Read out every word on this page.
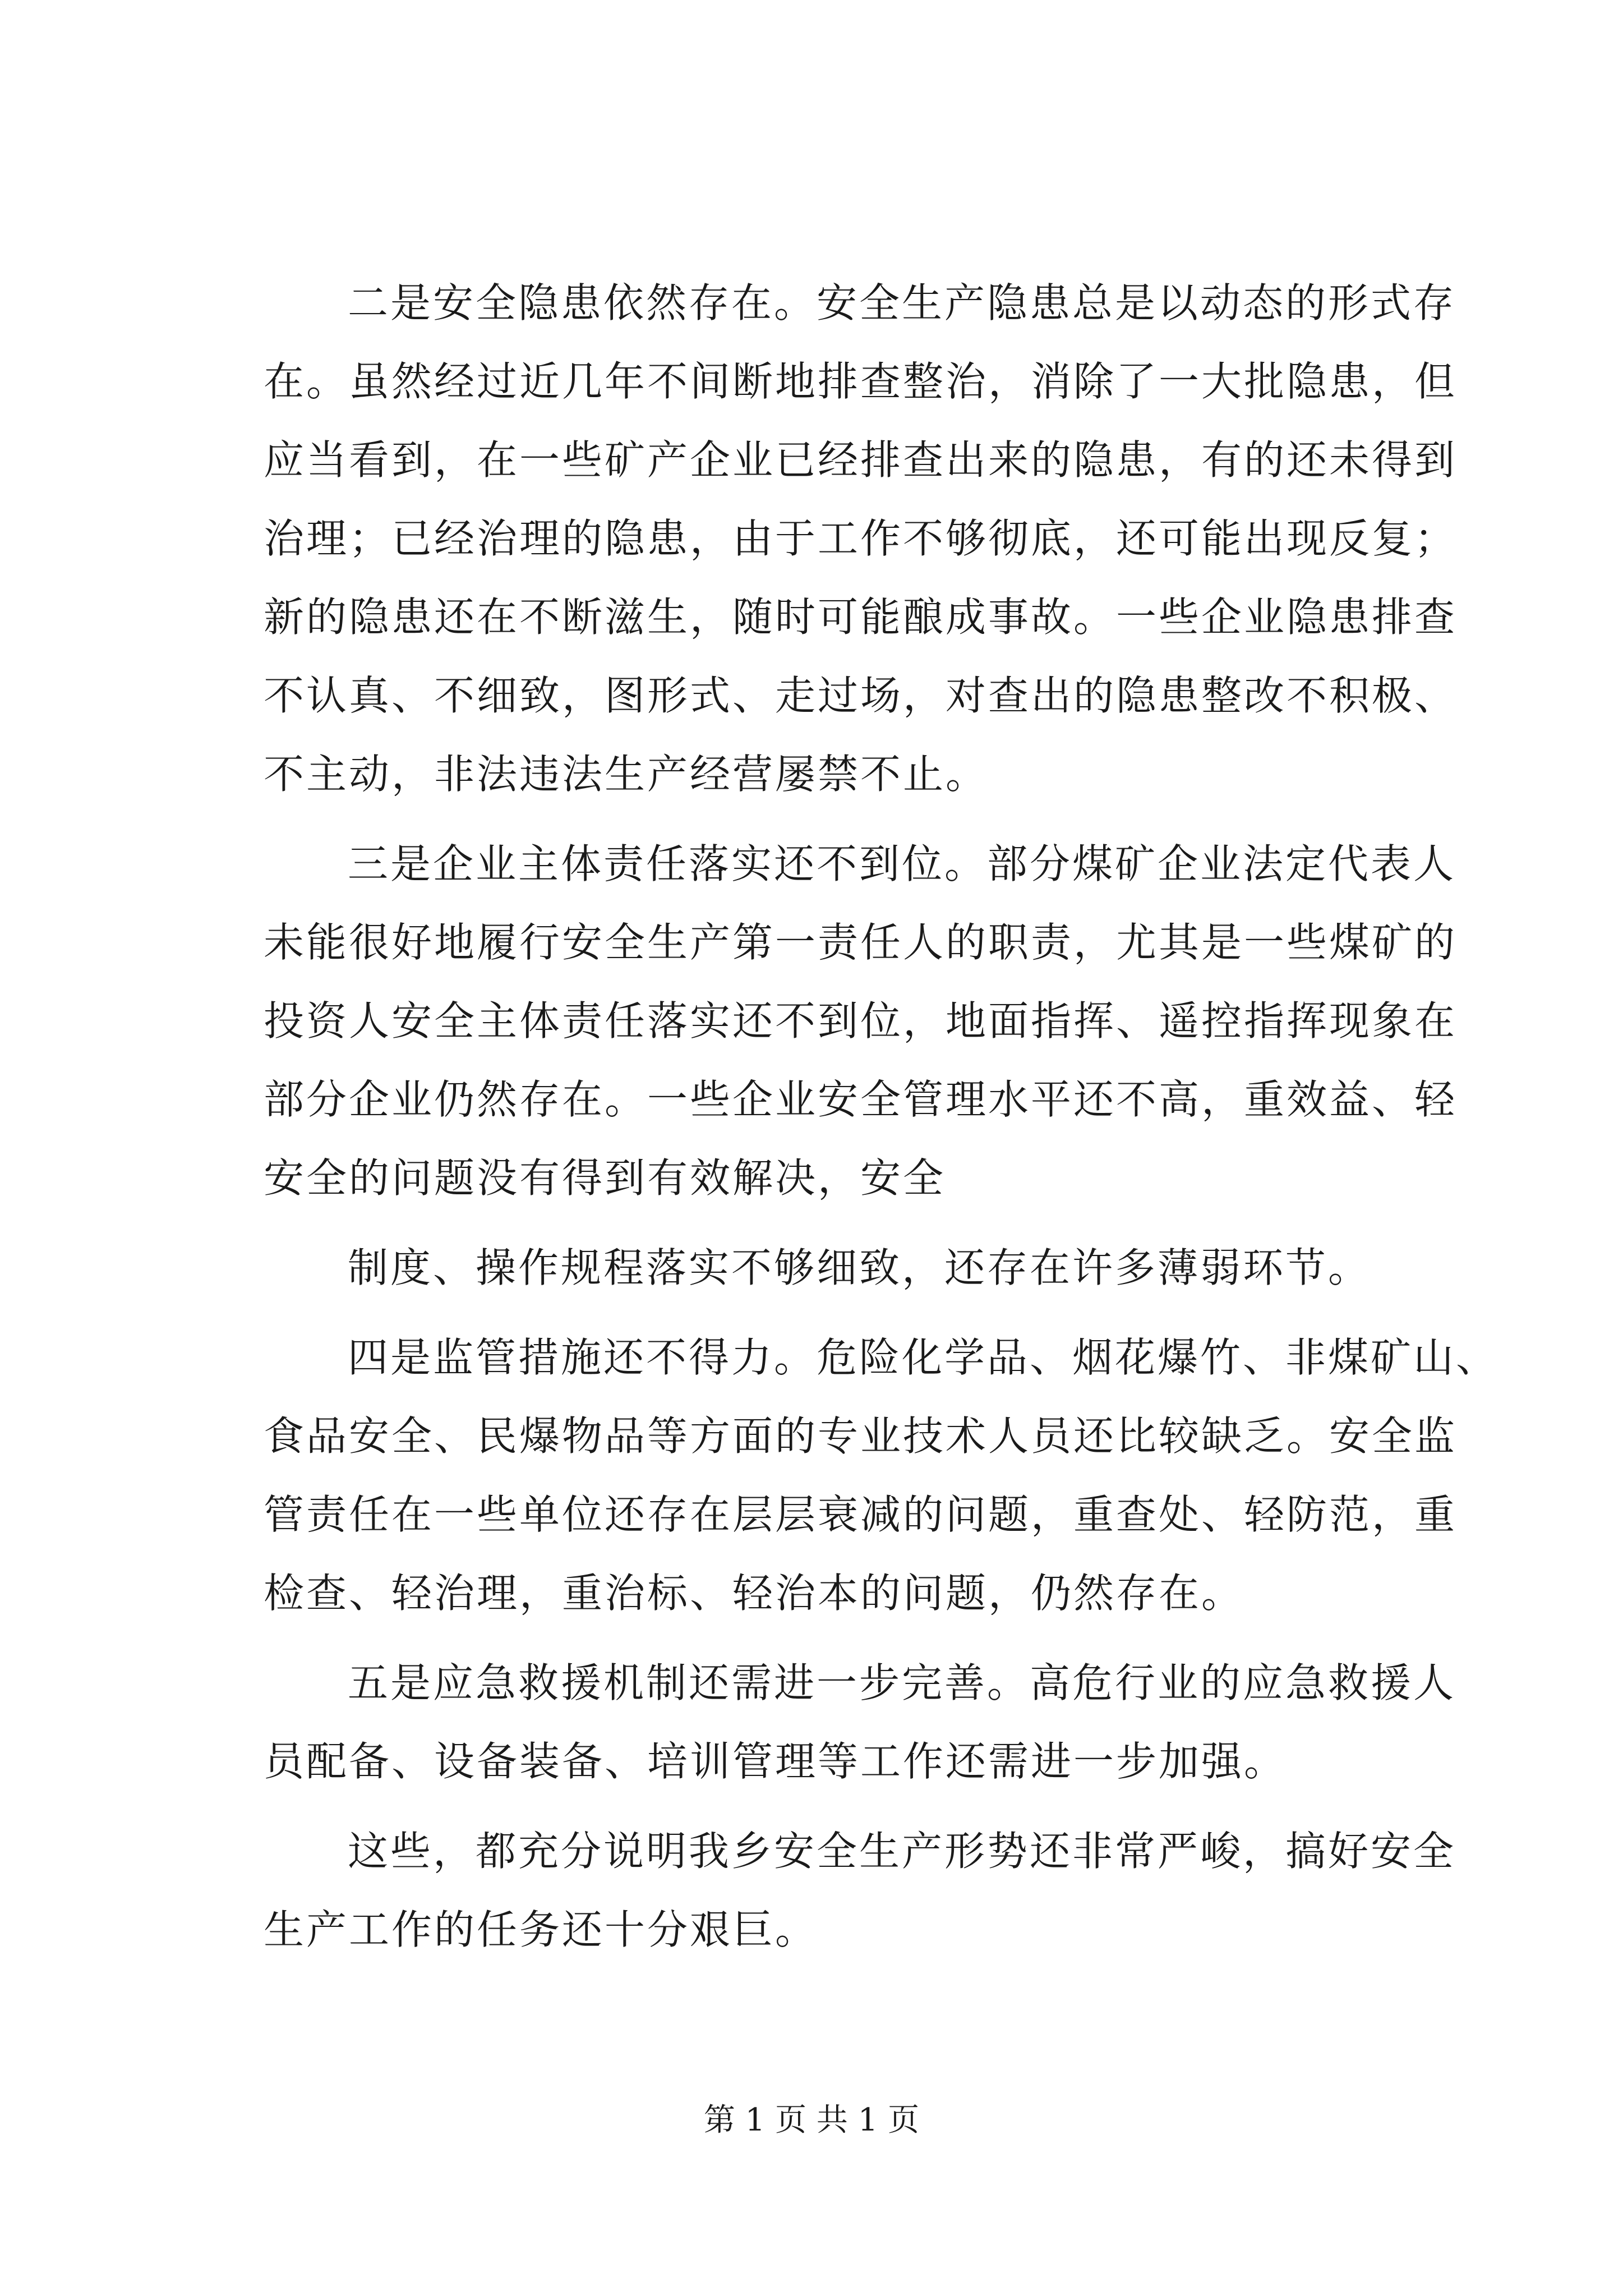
二是安全隐患依然存在。安全生产隐患总是以动态的形式存
在。虽然经过近几年不间断地排查整治，消除了一大批隐患，但
应当看到，在一些矿产企业已经排查出来的隐患，有的还未得到
治理；已经治理的隐患，由于工作不够彻底，还可能出现反复；
新的隐患还在不断滋生，随时可能酿成事故。一些企业隐患排查
不认真、不细致，图形式、走过场，对查出的隐患整改不积极、
不主动，非法违法生产经营屡禁不止。
三是企业主体责任落实还不到位。部分煤矿企业法定代表人
未能很好地履行安全生产第一责任人的职责，尤其是一些煤矿的
投资人安全主体责任落实还不到位，地面指挥、遥控指挥现象在
部分企业仍然存在。一些企业安全管理水平还不高，重效益、轻
安全的问题没有得到有效解决，安全
制度、操作规程落实不够细致，还存在许多薄弱环节。
四是监管措施还不得力。危险化学品、烟花爆竹、非煤矿山、
食品安全、民爆物品等方面的专业技术人员还比较缺乏。安全监
管责任在一些单位还存在层层衰减的问题，重查处、轻防范，重
检查、轻治理，重治标、轻治本的问题，仍然存在。
五是应急救援机制还需进一步完善。高危行业的应急救援人
员配备、设备装备、培训管理等工作还需进一步加强。
这些，都充分说明我乡安全生产形势还非常严峻，搞好安全
生产工作的任务还十分艰巨。
第 1 页 共 1 页
